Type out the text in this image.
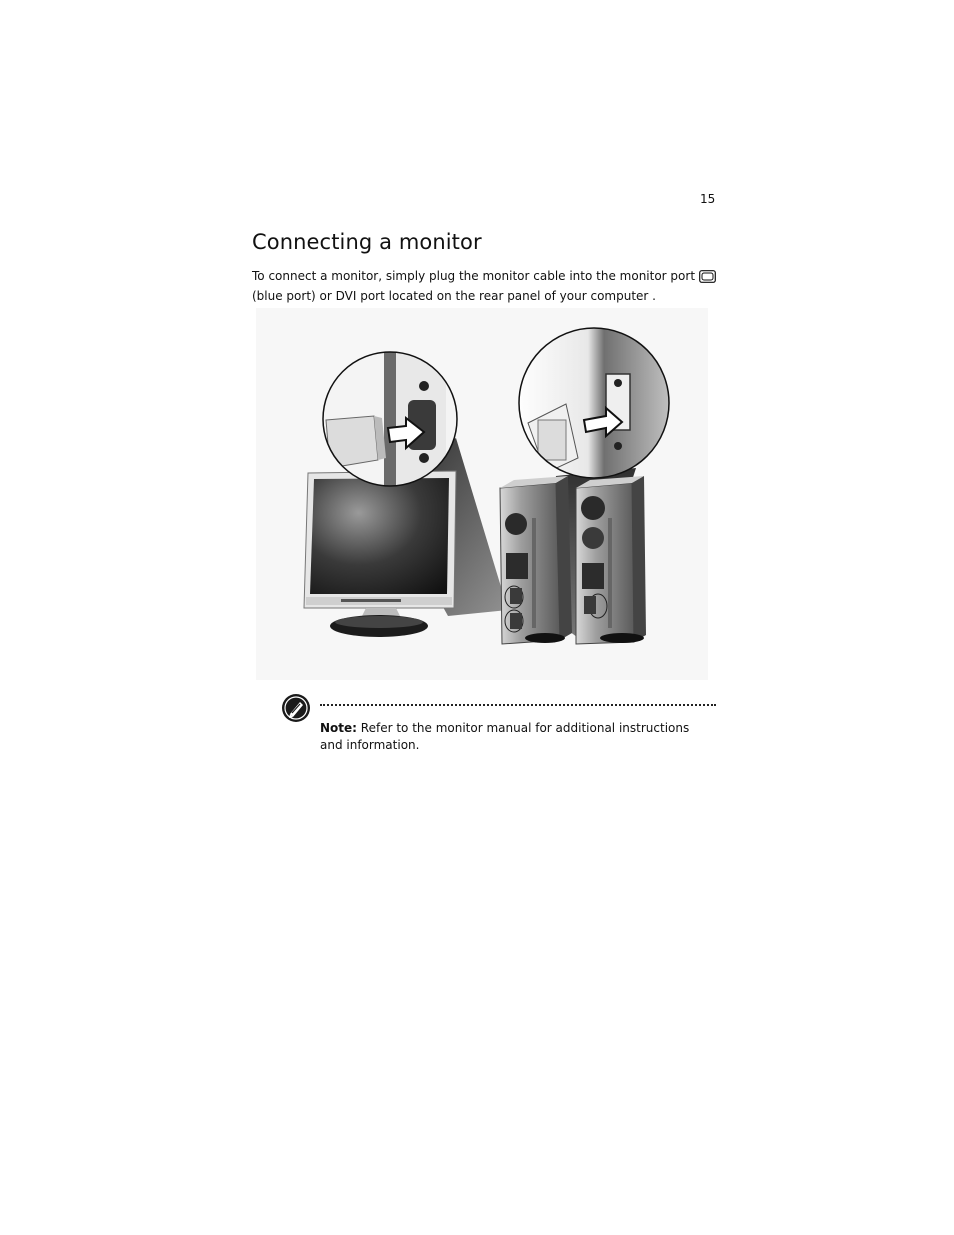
15
Connecting a monitor

To connect a monitor, simply plug the monitor cable into the monitor port
(blue port) or DVI port located on the rear panel of your computer .

Note: Refer to the monitor manual for additional instructions
and information.
